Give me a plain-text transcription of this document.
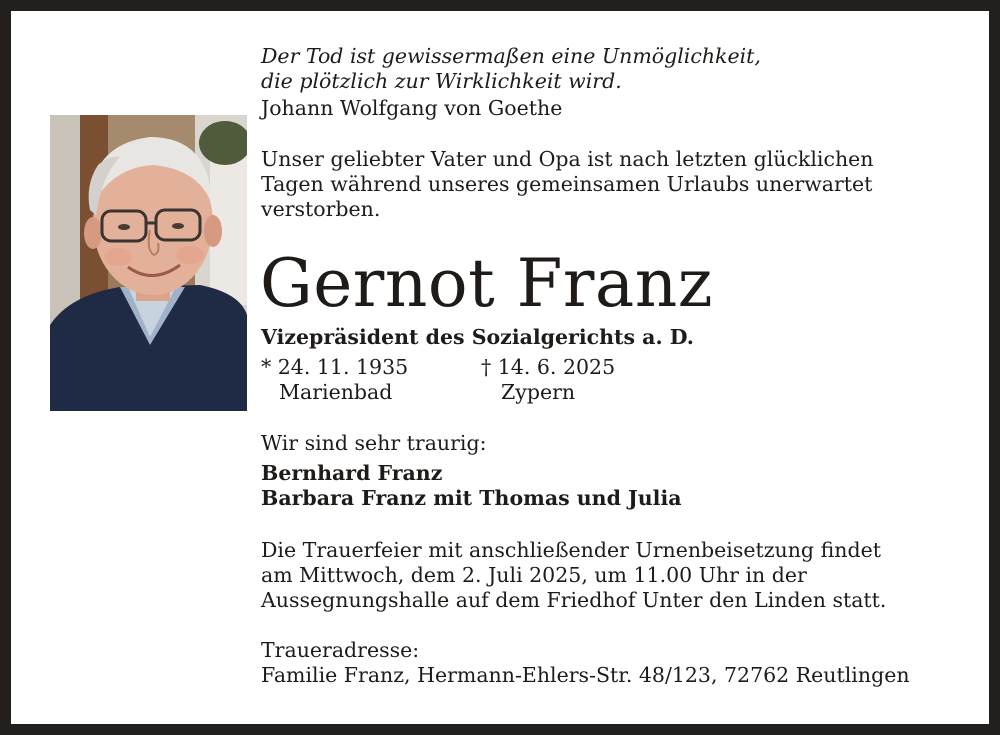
Der Tod ist gewissermaßen eine Unmöglichkeit,

die plötzlich zur Wirklichkeit wird.

Johann Wolfgang von Goethe

Unser geliebter Vater und Opa ist nach letzten glücklichen

Tagen während unseres gemeinsamen Urlaubs unerwartet

verstorben.

Gernot Franz

Vizepräsident des Sozialgerichts a. D.

* 24. 11. 1935

Marienbad

† 14. 6. 2025

Zypern

Wir sind sehr traurig:

Bernhard Franz

Barbara Franz mit Thomas und Julia

Die Trauerfeier mit anschließender Urnenbeisetzung findet

am Mittwoch, dem 2. Juli 2025, um 11.00 Uhr in der

Aussegnungshalle auf dem Friedhof Unter den Linden statt.

Traueradresse:

Familie Franz, Hermann-Ehlers-Str. 48/123, 72762 Reutlingen
